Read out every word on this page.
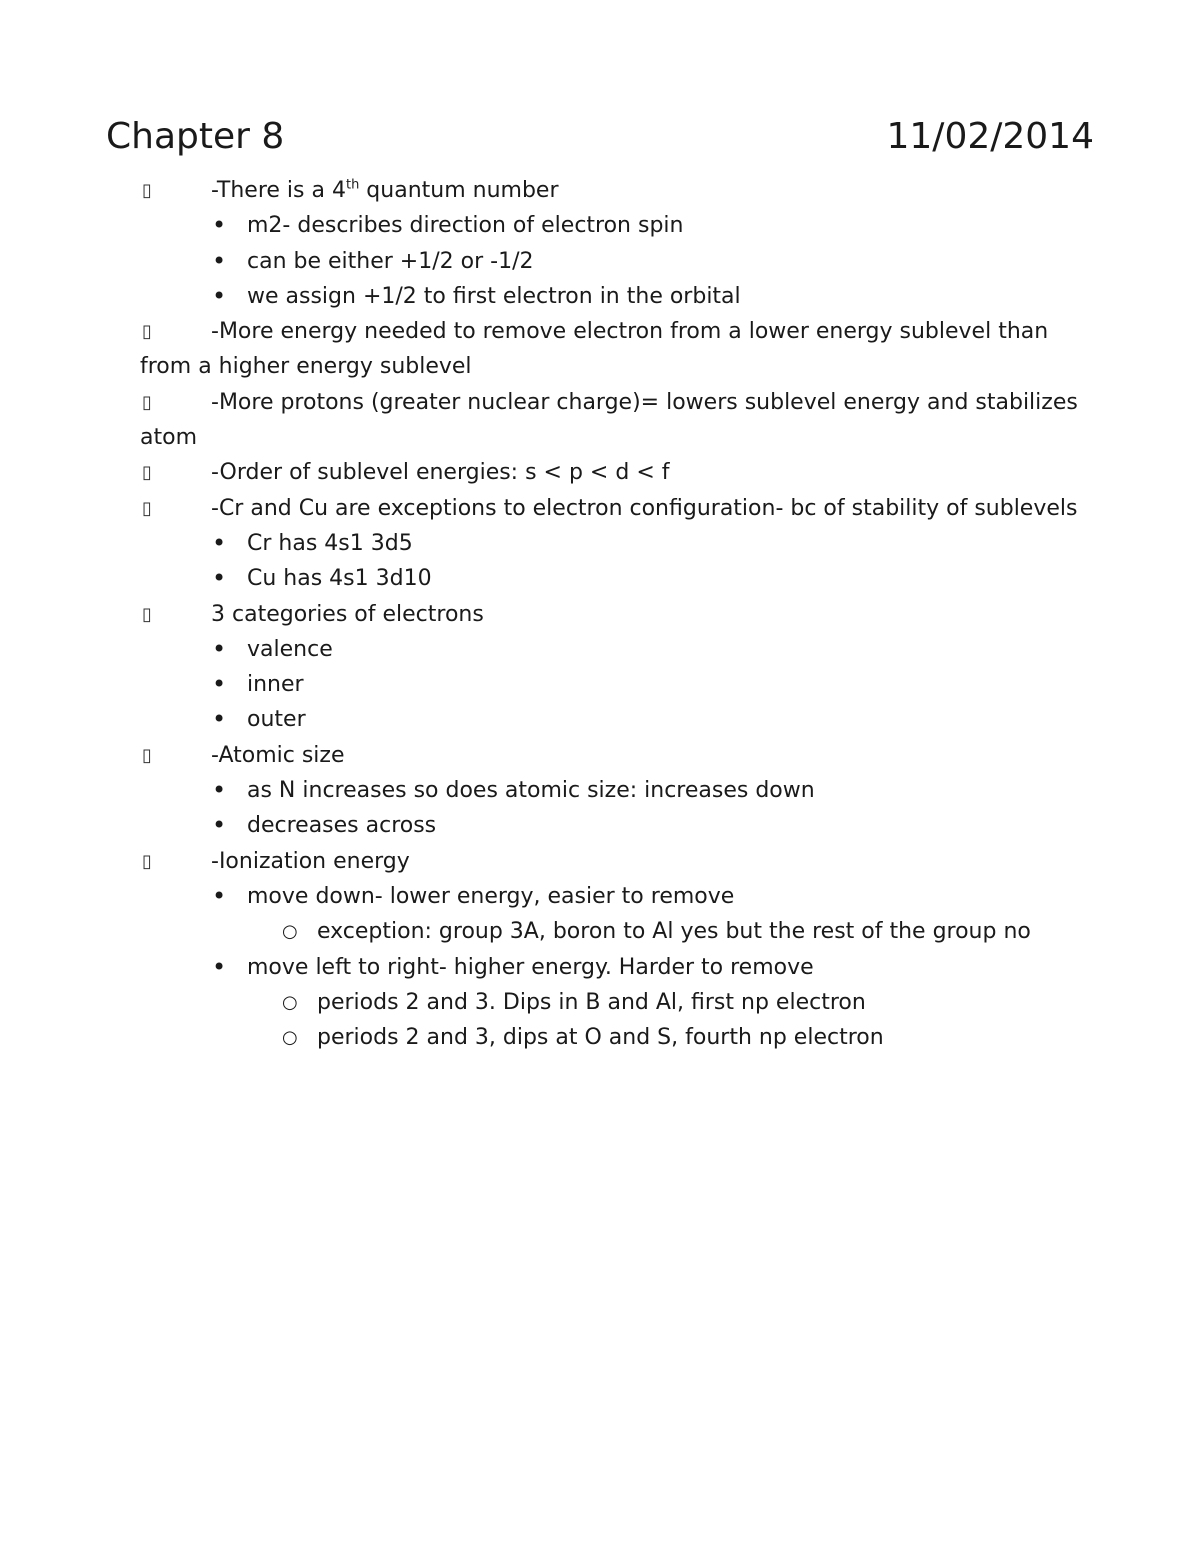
Chapter 8	11/02/2014

▯	-There is a 4th quantum number

• m2- describes direction of electron spin

• can be either +1/2 or -1/2

• we assign +1/2 to first electron in the orbital

▯	-More energy needed to remove electron from a lower energy sublevel than from a higher energy sublevel

▯	-More protons (greater nuclear charge)= lowers sublevel energy and stabilizes atom

▯	-Order of sublevel energies: s < p < d < f

▯	-Cr and Cu are exceptions to electron configuration- bc of stability of sublevels

• Cr has 4s1 3d5

• Cu has 4s1 3d10

▯	3 categories of electrons

• valence

• inner

• outer

▯	-Atomic size

• as N increases so does atomic size: increases down

• decreases across

▯	-Ionization energy

• move down- lower energy, easier to remove

○ exception: group 3A, boron to Al yes but the rest of the group no

• move left to right- higher energy. Harder to remove

○ periods 2 and 3. Dips in B and Al, first np electron

○ periods 2 and 3, dips at O and S, fourth np electron
